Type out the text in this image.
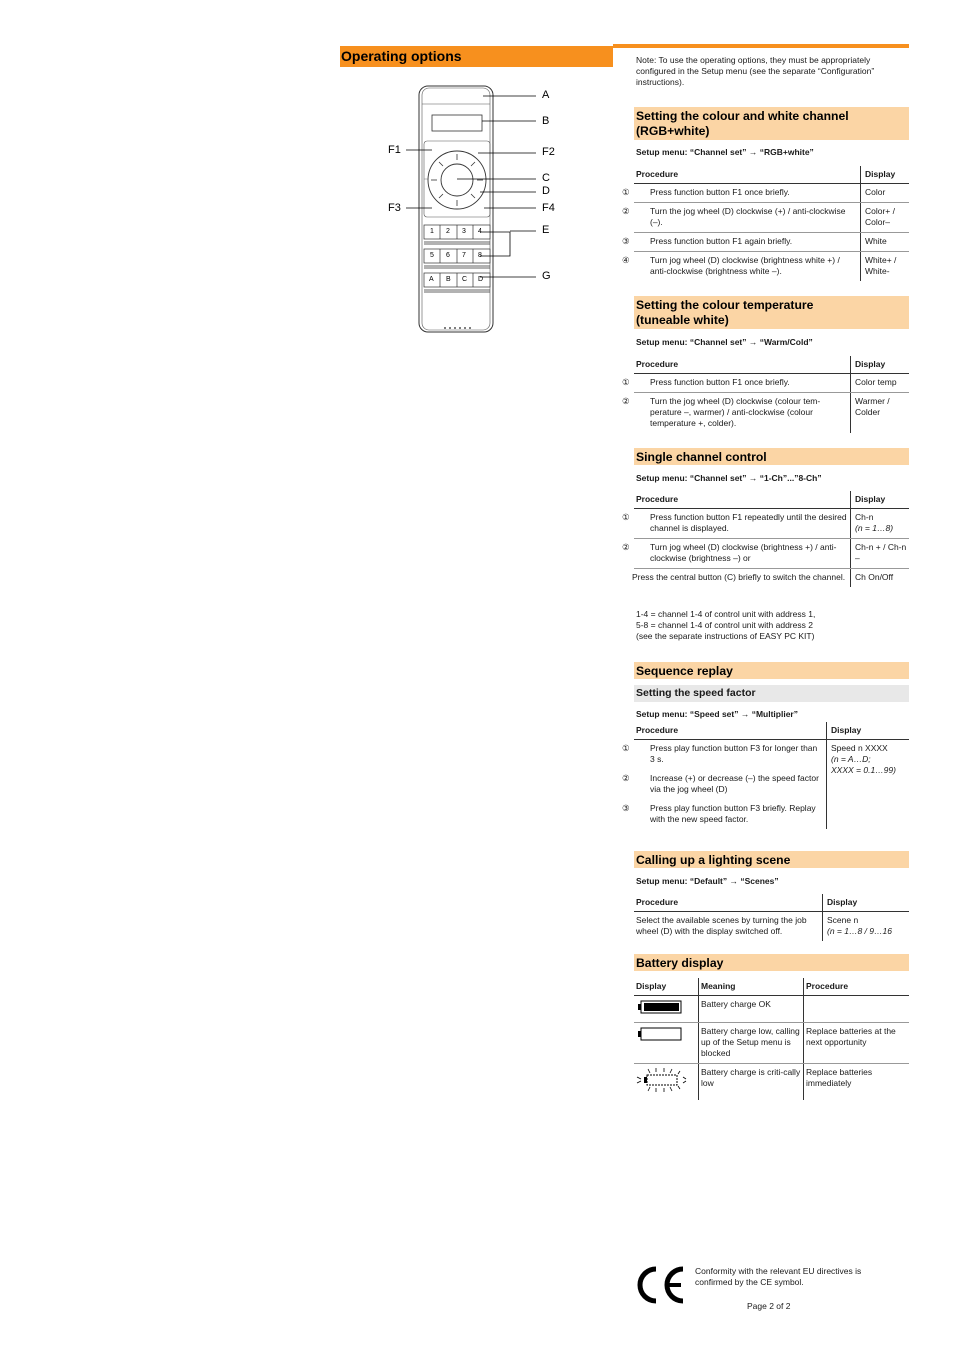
Operating options
1 2 3 4
5 6 7 8
A B C D
A
B
F1	F2
C
D
F3	F4
E
G
Note: To use the operating options, they must be appropriately configured in the Setup menu (see the separate “Configuration” instructions).
Setting the colour and white channel
(RGB+white)
Setup menu: “Channel set” → “RGB+white”
Procedure	Display

① Press function button F1 once briefly.	Color

② Turn the jog wheel (D) clockwise (+) / anti-clockwise (–).	Color+ / Color–

③ Press function button F1 again briefly.	White

④ Turn jog wheel (D) clockwise (brightness white +) / anti-clockwise (brightness white –).	White+ / White-
Setting the colour temperature
(tuneable white)
Setup menu: “Channel set” → “Warm/Cold”
Procedure	Display

① Press function button F1 once briefly.	Color temp

② Turn the jog wheel (D) clockwise (colour tem-perature –, warmer) / anti-clockwise (colour temperature +, colder).	Warmer / Colder
Single channel control
Setup menu: “Channel set” → “1-Ch”...”8-Ch”
Procedure	Display

① Press function button F1 repeatedly until the desired channel is displayed.	Ch-n
(n = 1…8)

② Turn jog wheel (D) clockwise (brightness +) / anti-clockwise (brightness –) or	Ch-n + / Ch-n –

Press the central button (C) briefly to switch the channel.	Ch On/Off
1-4 = channel 1-4 of control unit with address 1,
5-8 = channel 1-4 of control unit with address 2
(see the separate instructions of EASY PC KIT)
Sequence replay
Setting the speed factor
Setup menu: “Speed set” → “Multiplier”
Procedure	Display

① Press play function button F3 for longer than 3 s.
② Increase (+) or decrease (–) the speed factor via the jog wheel (D)
③ Press play function button F3 briefly. Replay with the new speed factor.	Speed n XXXX
(n = A…D;
XXXX = 0.1…99)
Calling up a lighting scene
Setup menu: “Default” → “Scenes”
Procedure	Display
Select the available scenes by turning the job wheel (D) with the display switched off.	Scene n
(n = 1…8 / 9…16
Battery display
Display	Meaning	Procedure
	Battery charge OK	
	Battery charge low, calling up of the Setup menu is blocked	Replace batteries at the next opportunity
	Battery charge is criti-cally low	Replace batteries immediately
Conformity with the relevant EU directives is confirmed by the CE symbol.
Page 2 of 2
